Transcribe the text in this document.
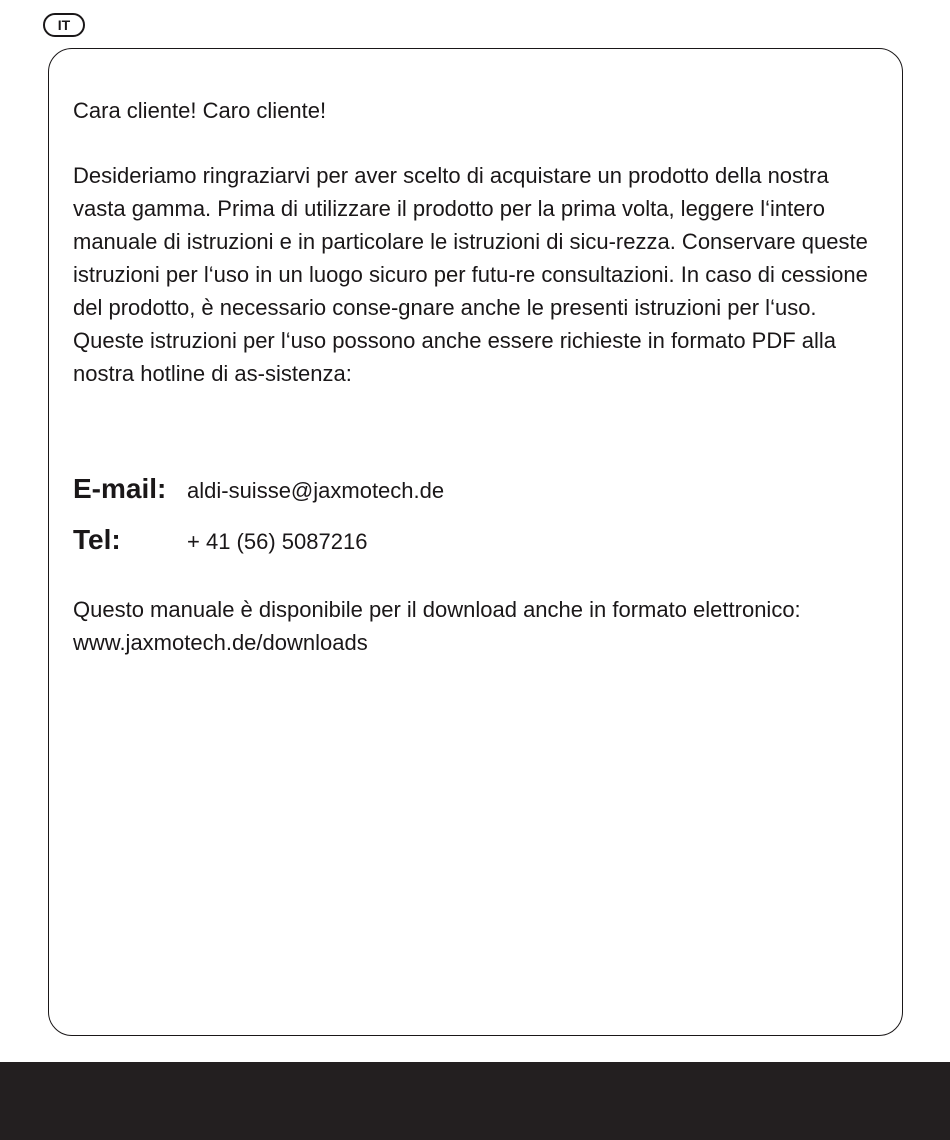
IT

Cara cliente! Caro cliente!

Desideriamo ringraziarvi per aver scelto di acquistare un prodotto della nostra vasta gamma. Prima di utilizzare il prodotto per la prima volta, leggere l‘intero manuale di istruzioni e in particolare le istruzioni di sicu-rezza. Conservare queste istruzioni per l‘uso in un luogo sicuro per futu-re consultazioni. In caso di cessione del prodotto, è necessario conse-gnare anche le presenti istruzioni per l‘uso. Queste istruzioni per l‘uso possono anche essere richieste in formato PDF alla nostra hotline di as-sistenza:

E-mail: aldi-suisse@jaxmotech.de
Tel:	+ 41 (56) 5087216

Questo manuale è disponibile per il download anche in formato elettronico: www.jaxmotech.de/downloads
